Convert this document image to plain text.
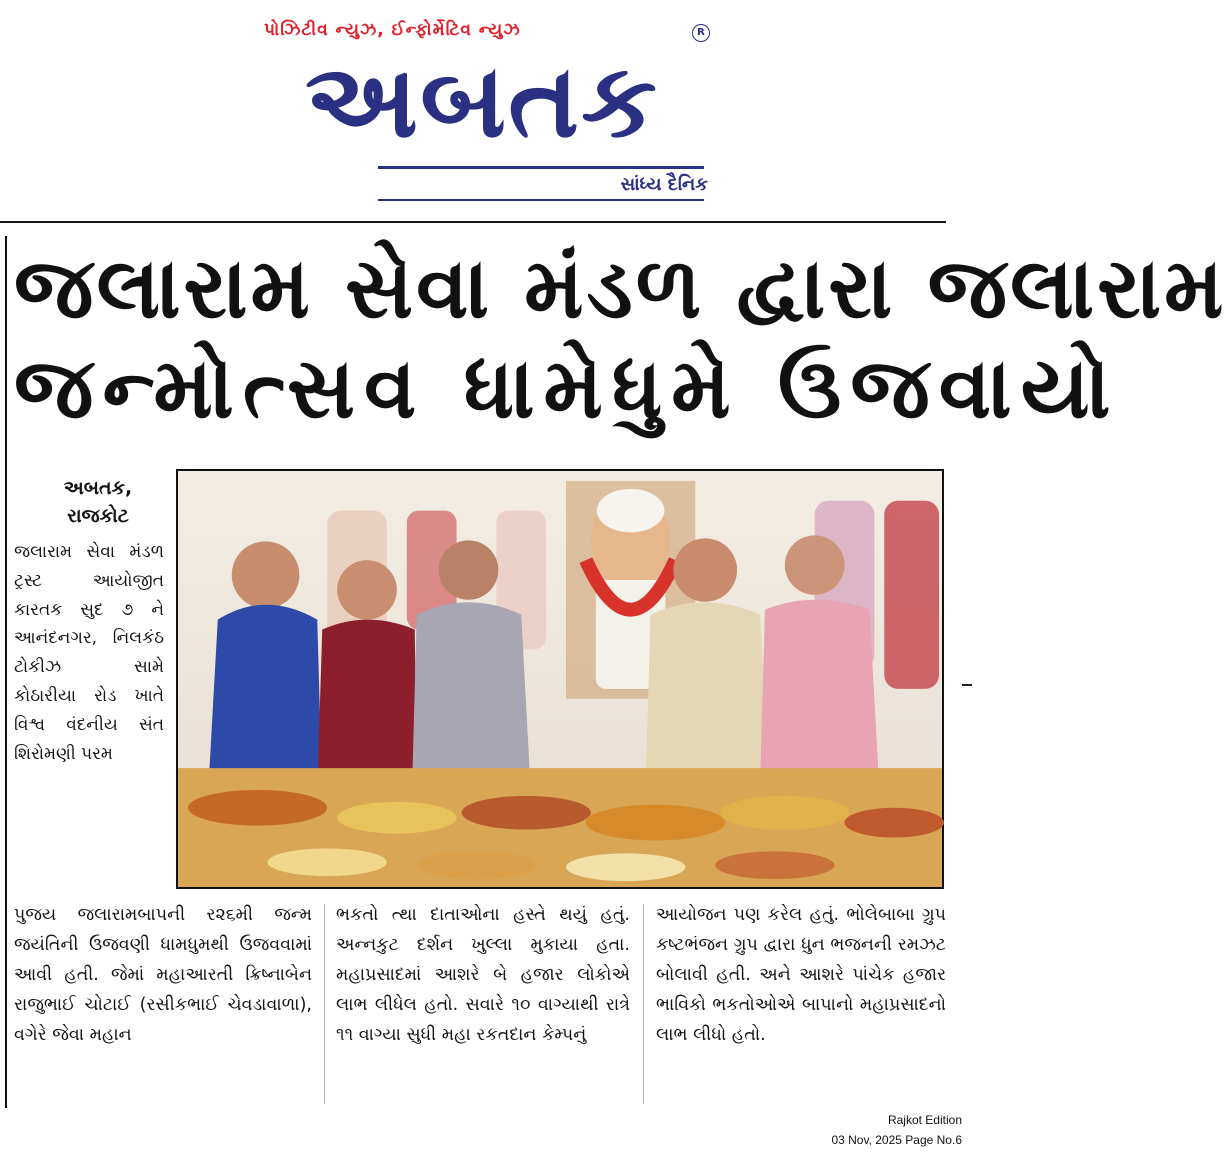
પોઝિટીવ ન્યુઝ, ઈન્ફોર્મેટિવ ન્યુઝ	R
અબતક
સાંધ્ય દૈનિક
જલારામ સેવા મંડળ દ્વારા જલારામ
જન્મોત્સવ ધામેધુમે ઉજવાયો
અબતક,
રાજકોટ
જલારામ સેવા મંડળ ટ્રસ્ટ આયોજીત કારતક સુદ ૭ ને આનંદનગર, નિલકંઠ ટોકીઝ સામે કોઠારીયા રોડ ખાતે વિશ્વ વંદનીય સંત શિરોમણી પરમ
પુજય જલારામબાપની ર૨૬મી જન્મ જયંતિની ઉજવણી ધામધુમથી ઉજવવામાં આવી હતી. જેમાં મહાઆરતી ક્રિષ્નાબેન રાજુભાઈ ચોટાઈ (રસીકભાઈ ચેવડાવાળા), વગેરે જેવા મહાન
ભકતો ત્થા દાતાઓના હસ્તે થયું હતું. અન્નકુટ દર્શન ખુલ્લા મુકાયા હતા. મહાપ્રસાદમાં આશરે બે હજાર લોકોએ લાભ લીધેલ હતો. સવારે ૧૦ વાગ્યાથી રાત્રે ૧૧ વાગ્યા સુધી મહા રકતદાન કેમ્પનું
આયોજન પણ કરેલ હતું. ભોલેબાબા ગ્રુપ કષ્ટભંજન ગ્રુપ દ્વારા ધુન ભજનની રમઝટ બોલાવી હતી. અને આશરે પાંચેક હજાર ભાવિકો ભકતોઓએ બાપાનો મહાપ્રસાદનો લાભ લીધો હતો.
Rajkot Edition
03 Nov, 2025 Page No.6
